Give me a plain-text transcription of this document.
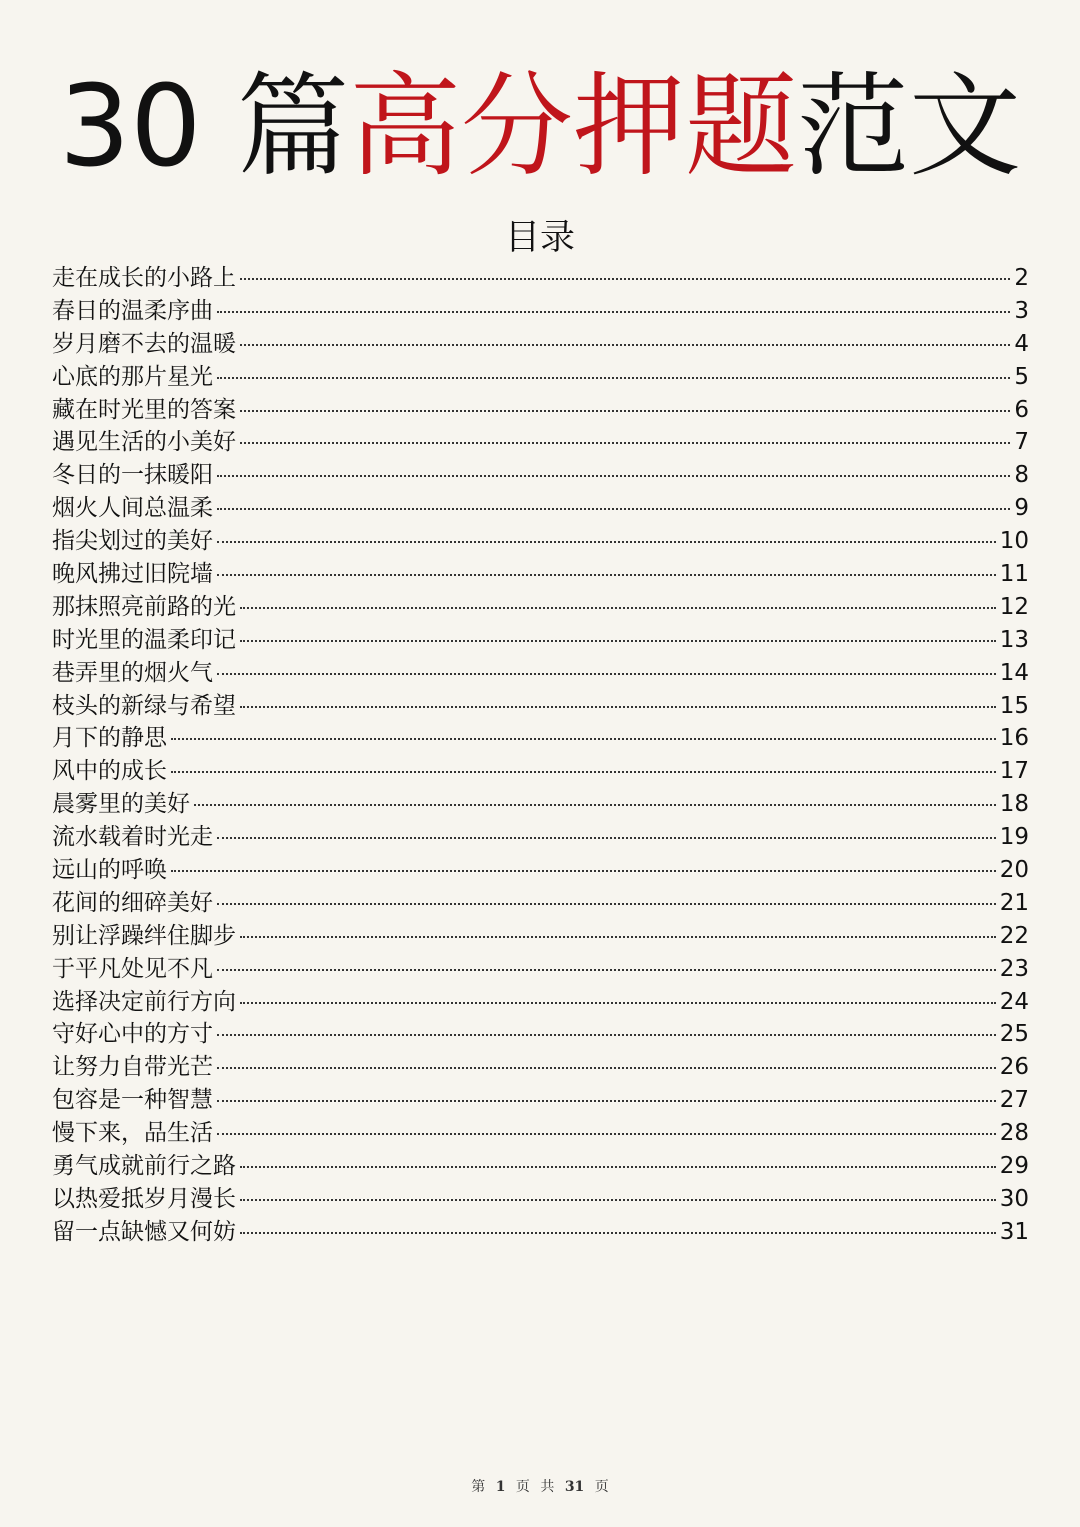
30 篇高分押题范文
目录
走在成长的小路上	2
春日的温柔序曲	3
岁月磨不去的温暖	4
心底的那片星光	5
藏在时光里的答案	6
遇见生活的小美好	7
冬日的一抹暖阳	8
烟火人间总温柔	9
指尖划过的美好	10
晚风拂过旧院墙	11
那抹照亮前路的光	12
时光里的温柔印记	13
巷弄里的烟火气	14
枝头的新绿与希望	15
月下的静思	16
风中的成长	17
晨雾里的美好	18
流水载着时光走	19
远山的呼唤	20
花间的细碎美好	21
别让浮躁绊住脚步	22
于平凡处见不凡	23
选择决定前行方向	24
守好心中的方寸	25
让努力自带光芒	26
包容是一种智慧	27
慢下来，品生活	28
勇气成就前行之路	29
以热爱抵岁月漫长	30
留一点缺憾又何妨	31
第 1 页 共 31 页
